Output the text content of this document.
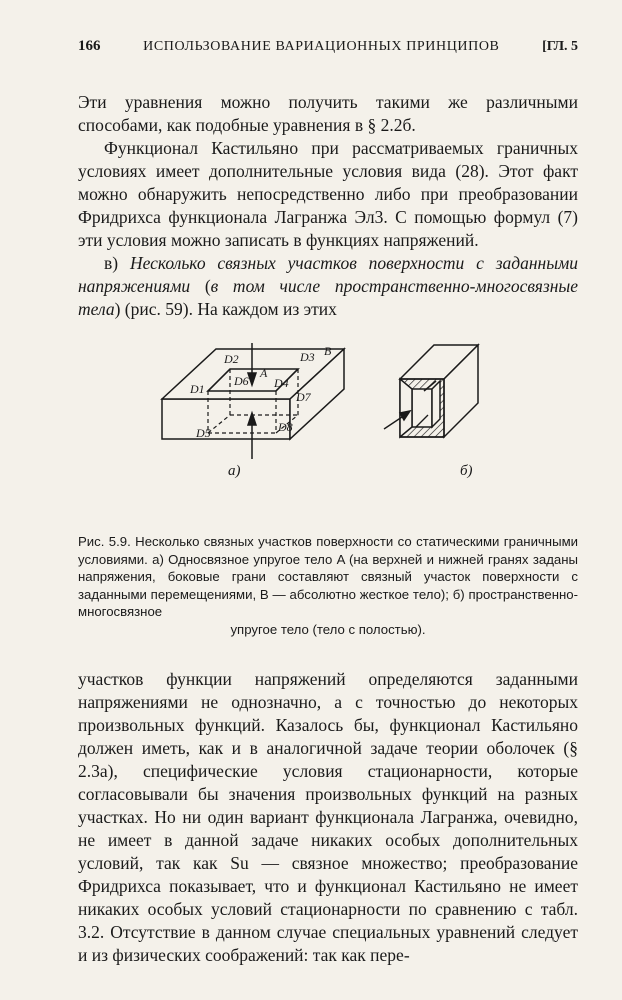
166	ИСПОЛЬЗОВАНИЕ ВАРИАЦИОННЫХ ПРИНЦИПОВ	[ГЛ. 5

Эти уравнения можно получить такими же различными способами, как подобные уравнения в § 2.2б.

Функционал Кастильяно при рассматриваемых граничных условиях имеет дополнительные условия вида (28). Этот факт можно обнаружить непосредственно либо при преобразовании Фридрихса функционала Лагранжа Эл3. С помощью формул (7) эти условия можно записать в функциях напряжений.

в) Несколько связных участков поверхности с заданными напряжениями (в том числе пространственно-многосвязные тела) (рис. 59). На каждом из этих

D2	D3 B
A
D6 D4
D1
D7
D5	D8
а)	б)

Рис. 5.9. Несколько связных участков поверхности со статическими граничными условиями. а) Односвязное упругое тело A (на верхней и нижней гранях заданы напряжения, боковые грани составляют связный участок поверхности с заданными перемещениями, B — абсолютно жесткое тело); б) пространственно-многосвязное
упругое тело (тело с полостью).

участков функции напряжений определяются заданными напряжениями не однозначно, а с точностью до некоторых произвольных функций. Казалось бы, функционал Кастильяно должен иметь, как и в аналогичной задаче теории оболочек (§ 2.3а), специфические условия стационарности, которые согласовывали бы значения произвольных функций на разных участках. Но ни один вариант функционала Лагранжа, очевидно, не имеет в данной задаче никаких особых дополнительных условий, так как Su — связное множество; преобразование Фридрихса показывает, что и функционал Кастильяно не имеет никаких особых условий стационарности по сравнению с табл. 3.2. Отсутствие в данном случае специальных уравнений следует и из физических соображений: так как пере-
